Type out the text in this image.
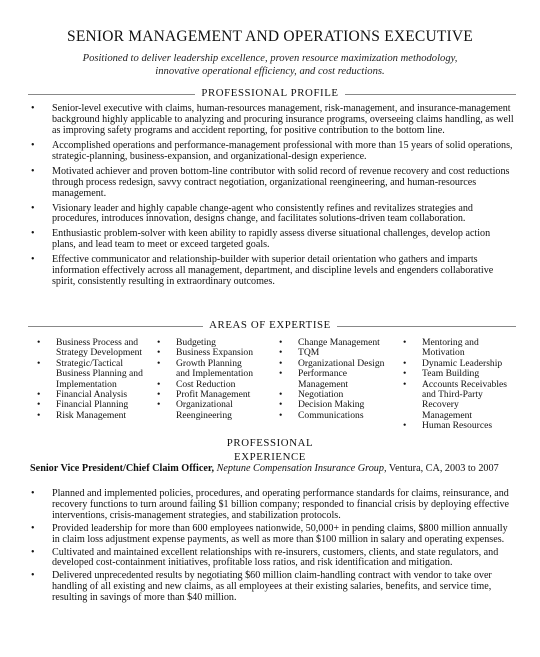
SENIOR MANAGEMENT AND OPERATIONS EXECUTIVE
Positioned to deliver leadership excellence, proven resource maximization methodology,
innovative operational efficiency, and cost reductions.
PROFESSIONAL PROFILE
• Senior-level executive with claims, human-resources management, risk-management, and insurance-management background highly applicable to analyzing and procuring insurance programs, overseeing claims handling, as well as improving safety programs and accident reporting, for positive contribution to the bottom line.
• Accomplished operations and performance-management professional with more than 15 years of solid operations, strategic-planning, business-expansion, and organizational-design experience.
• Motivated achiever and proven bottom-line contributor with solid record of revenue recovery and cost reductions through process redesign, savvy contract negotiation, organizational reengineering, and human-resources management.
• Visionary leader and highly capable change-agent who consistently refines and revitalizes strategies and procedures, introduces innovation, designs change, and facilitates solutions-driven team collaboration.
• Enthusiastic problem-solver with keen ability to rapidly assess diverse situational challenges, develop action plans, and lead team to meet or exceed targeted goals.
• Effective communicator and relationship-builder with superior detail orientation who gathers and imparts information effectively across all management, department, and discipline levels and engenders collaborative spirit, consistently resulting in extraordinary outcomes.
AREAS OF EXPERTISE
• Business Process and Strategy Development
• Strategic/Tactical Business Planning and Implementation
• Financial Analysis
• Financial Planning
• Risk Management
• Budgeting
• Business Expansion
• Growth Planning and Implementation
• Cost Reduction
• Profit Management
• Organizational Reengineering
• Change Management
• TQM
• Organizational Design
• Performance Management
• Negotiation
• Decision Making
• Communications
• Mentoring and Motivation
• Dynamic Leadership
• Team Building
• Accounts Receivables and Third-Party Recovery Management
• Human Resources
PROFESSIONAL
EXPERIENCE
Senior Vice President/Chief Claim Officer, Neptune Compensation Insurance Group, Ventura, CA, 2003 to 2007
• Planned and implemented policies, procedures, and operating performance standards for claims, reinsurance, and recovery functions to turn around failing $1 billion company; responded to financial crisis by deploying effective interventions, crisis-management strategies, and stabilization protocols.
• Provided leadership for more than 600 employees nationwide, 50,000+ in pending claims, $800 million annually in claim loss adjustment expense payments, as well as more than $100 million in salary and operating expenses.
• Cultivated and maintained excellent relationships with re-insurers, customers, clients, and state regulators, and developed cost-containment initiatives, profitable loss ratios, and risk identification and mitigation.
• Delivered unprecedented results by negotiating $60 million claim-handling contract with vendor to take over handling of all existing and new claims, as all employees at their existing salaries, benefits, and service time, resulting in savings of more than $40 million.
